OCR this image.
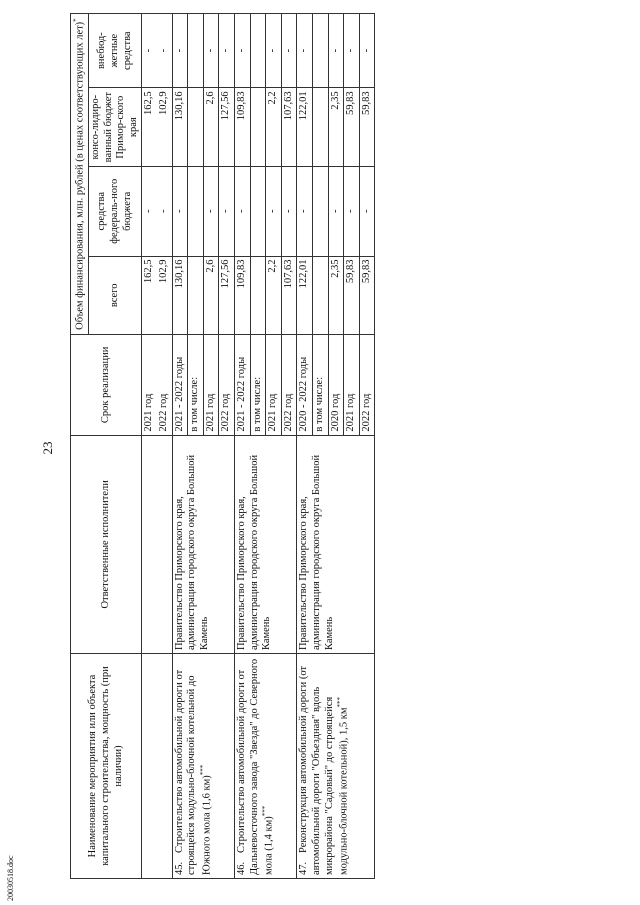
20030518.doc
23
Наименование мероприятия или объекта капитального строительства, мощность (при наличии)	Ответственные исполнители	Срок реализации	Объем финансирования, млн. рублей (в ценах соответствующих лет)*
			всего	средства федераль-ного бюджета	консо-лидиро-ванный бюджет Примор-ского края	внебюд-жетные средства
		2021 год	162,5	-	162,5	-
		2022 год	102,9	-	102,9	-
45.Строительство автомобильной дороги от строящейся модульно-блочной котельной до Южного мола (1,6 км)***	Правительство Приморского края, администрация городского округа Большой Камень	2021 - 2022 годы	130,16	-	130,16	-
		в том числе:				
		2021 год	2,6	-	2,6	-
		2022 год	127,56	-	127,56	-
46.Строительство автомобильной дороги от Дальневосточного завода "Звезда" до Северного мола (1,4 км)***	Правительство Приморского края, администрация городского округа Большой Камень	2021 - 2022 годы	109,83	-	109,83	-
		в том числе:				
		2021 год	2,2	-	2,2	-
		2022 год	107,63	-	107,63	-
47.Реконструкция автомобильной дороги (от автомобильной дороги "Объездная" вдоль микрорайона "Садовый" до строящейся модульно-блочной котельной), 1,5 км***	Правительство Приморского края, администрация городского округа Большой Камень	2020 - 2022 годы	122,01	-	122,01	-
		в том числе:				
		2020 год	2,35	-	2,35	-
		2021 год	59,83	-	59,83	-
		2022 год	59,83	-	59,83	-
